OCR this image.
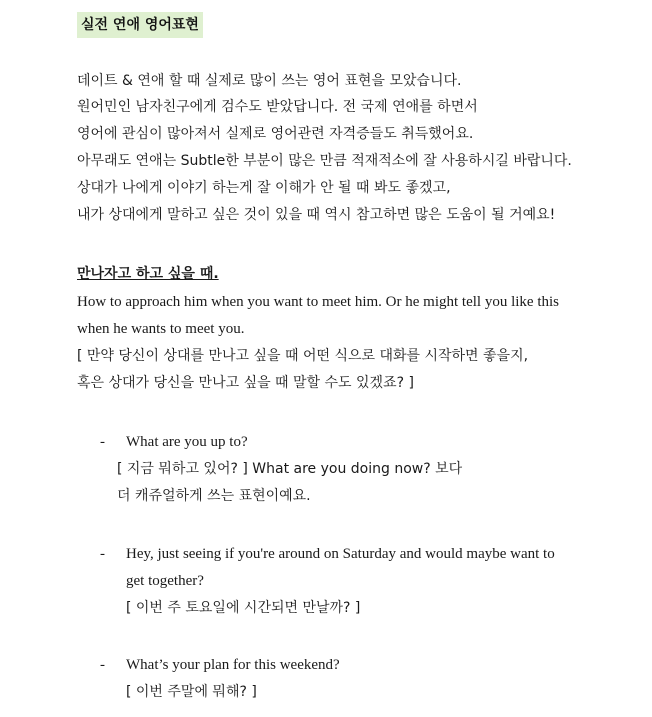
실전 연애 영어표현
데이트 & 연애 할 때 실제로 많이 쓰는 영어 표현을 모았습니다.
원어민인 남자친구에게 검수도 받았답니다. 전 국제 연애를 하면서
영어에 관심이 많아져서 실제로 영어관련 자격증들도 취득했어요.
아무래도 연애는 Subtle한 부분이 많은 만큼 적재적소에 잘 사용하시길 바랍니다.
상대가 나에게 이야기 하는게 잘 이해가 안 될 때 봐도 좋겠고,
내가 상대에게 말하고 싶은 것이 있을 때 역시 참고하면 많은 도움이 될 거예요!
만나자고 하고 싶을 때.
How to approach him when you want to meet him. Or he might tell you like this
when he wants to meet you.
[ 만약 당신이 상대를 만나고 싶을 때 어떤 식으로 대화를 시작하면 좋을지,
혹은 상대가 당신을 만나고 싶을 때 말할 수도 있겠죠? ]
- What are you up to?
[ 지금 뭐하고 있어? ] What are you doing now? 보다
더 캐쥬얼하게 쓰는 표현이예요.
- Hey, just seeing if you're around on Saturday and would maybe want to
get together?
[ 이번 주 토요일에 시간되면 만날까? ]
- What’s your plan for this weekend?
[ 이번 주말에 뭐해? ]
